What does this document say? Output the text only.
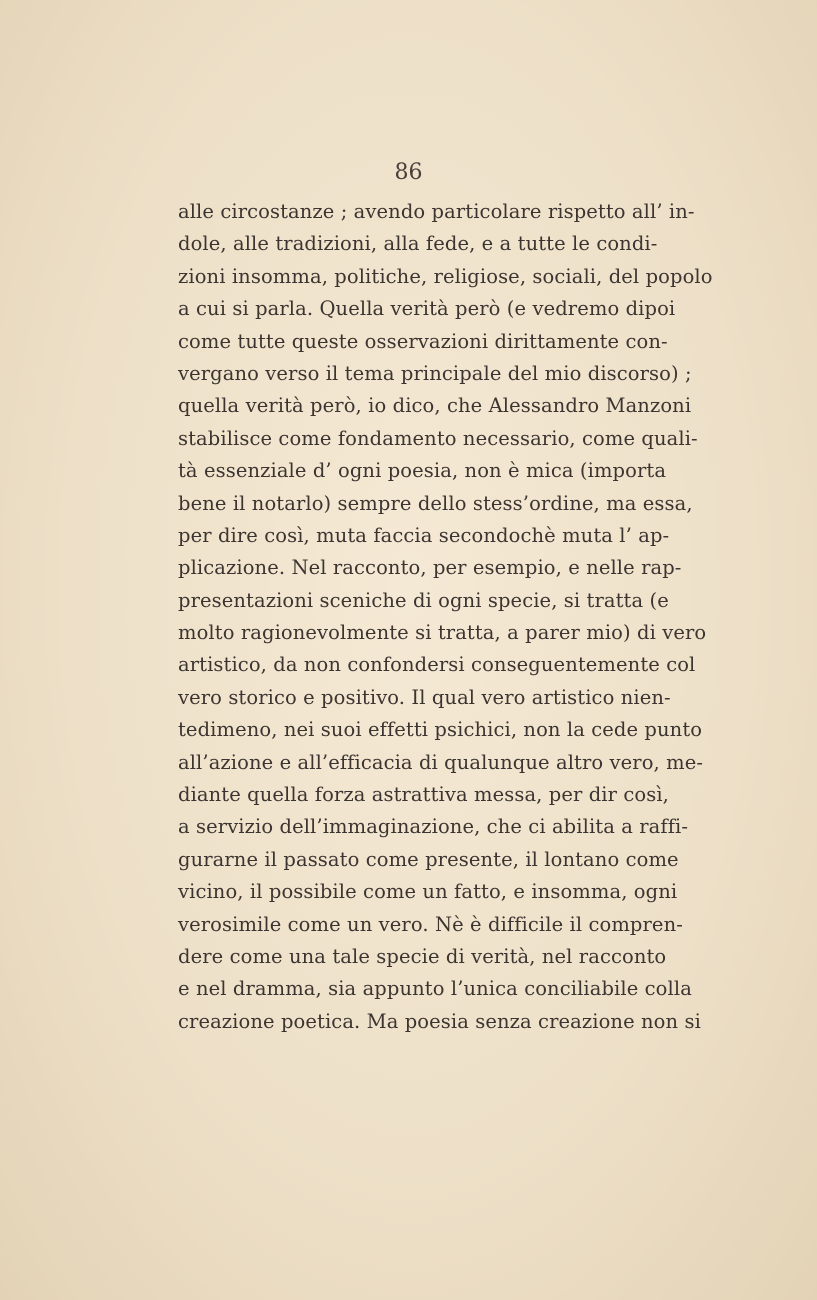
86
alle circostanze ; avendo particolare rispetto all’ in-
dole, alle tradizioni, alla fede, e a tutte le condi-
zioni insomma, politiche, religiose, sociali, del popolo
a cui si parla. Quella verità però (e vedremo dipoi
come tutte queste osservazioni dirittamente con-
vergano verso il tema principale del mio discorso) ;
quella verità però, io dico, che Alessandro Manzoni
stabilisce come fondamento necessario, come quali-
tà essenziale d’ ogni poesia, non è mica (importa
bene il notarlo) sempre dello stess’ordine, ma essa,
per dire così, muta faccia secondochè muta l’ ap-
plicazione. Nel racconto, per esempio, e nelle rap-
presentazioni sceniche di ogni specie, si tratta (e
molto ragionevolmente si tratta, a parer mio) di vero
artistico, da non confondersi conseguentemente col
vero storico e positivo. Il qual vero artistico nien-
tedimeno, nei suoi effetti psichici, non la cede punto
all’azione e all’efficacia di qualunque altro vero, me-
diante quella forza astrattiva messa, per dir così,
a servizio dell’immaginazione, che ci abilita a raffi-
gurarne il passato come presente, il lontano come
vicino, il possibile come un fatto, e insomma, ogni
verosimile come un vero. Nè è difficile il compren-
dere come una tale specie di verità, nel racconto
e nel dramma, sia appunto l’unica conciliabile colla
creazione poetica. Ma poesia senza creazione non si
